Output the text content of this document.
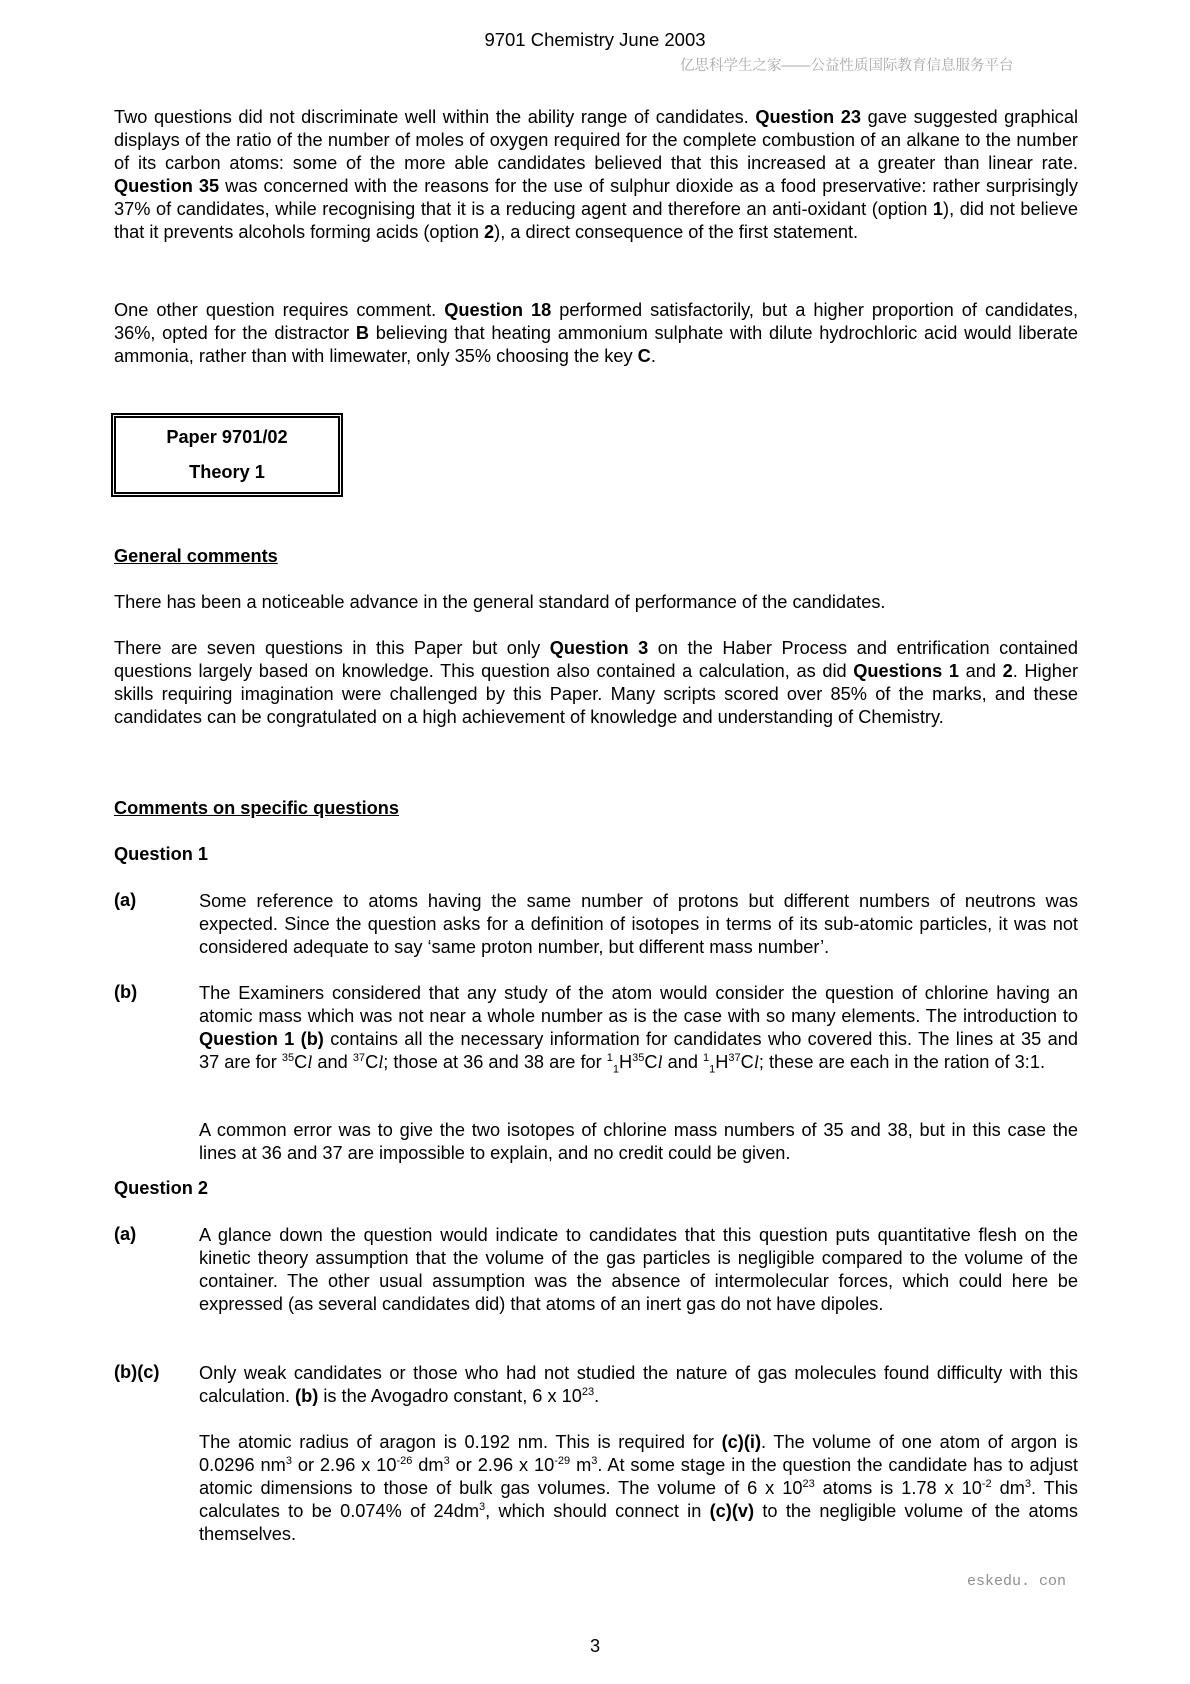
9701 Chemistry June 2003
亿思科学生之家——公益性质国际教育信息服务平台
Two questions did not discriminate well within the ability range of candidates. Question 23 gave suggested graphical displays of the ratio of the number of moles of oxygen required for the complete combustion of an alkane to the number of its carbon atoms: some of the more able candidates believed that this increased at a greater than linear rate. Question 35 was concerned with the reasons for the use of sulphur dioxide as a food preservative: rather surprisingly 37% of candidates, while recognising that it is a reducing agent and therefore an anti-oxidant (option 1), did not believe that it prevents alcohols forming acids (option 2), a direct consequence of the first statement.
One other question requires comment. Question 18 performed satisfactorily, but a higher proportion of candidates, 36%, opted for the distractor B believing that heating ammonium sulphate with dilute hydrochloric acid would liberate ammonia, rather than with limewater, only 35% choosing the key C.
Paper 9701/02
Theory 1
General comments
There has been a noticeable advance in the general standard of performance of the candidates.
There are seven questions in this Paper but only Question 3 on the Haber Process and entrification contained questions largely based on knowledge. This question also contained a calculation, as did Questions 1 and 2. Higher skills requiring imagination were challenged by this Paper. Many scripts scored over 85% of the marks, and these candidates can be congratulated on a high achievement of knowledge and understanding of Chemistry.
Comments on specific questions
Question 1
(a)	Some reference to atoms having the same number of protons but different numbers of neutrons was expected. Since the question asks for a definition of isotopes in terms of its sub-atomic particles, it was not considered adequate to say ‘same proton number, but different mass number’.
(b)	The Examiners considered that any study of the atom would consider the question of chlorine having an atomic mass which was not near a whole number as is the case with so many elements. The introduction to Question 1 (b) contains all the necessary information for candidates who covered this. The lines at 35 and 37 are for $^{35}$Cl and $^{37}$Cl; those at 36 and 38 are for $^1_1H^{35}Cl$ and $^1_1H^{37}Cl$; these are each in the ration of 3:1.
A common error was to give the two isotopes of chlorine mass numbers of 35 and 38, but in this case the lines at 36 and 37 are impossible to explain, and no credit could be given.
Question 2
(a)	A glance down the question would indicate to candidates that this question puts quantitative flesh on the kinetic theory assumption that the volume of the gas particles is negligible compared to the volume of the container. The other usual assumption was the absence of intermolecular forces, which could here be expressed (as several candidates did) that atoms of an inert gas do not have dipoles.
(b)(c) Only weak candidates or those who had not studied the nature of gas molecules found difficulty with this calculation. (b) is the Avogadro constant, 6 x $10^{23}$.
The atomic radius of aragon is 0.192 nm. This is required for (c)(i). The volume of one atom of argon is 0.0296 $nm^3$ or 2.96 x $10^{-26}$ $dm^3$ or 2.96 x $10^{-29}$ $m^3$. At some stage in the question the candidate has to adjust atomic dimensions to those of bulk gas volumes. The volume of 6 x $10^{23}$ atoms is 1.78 x $10^{-2}$ $dm^3$. This calculates to be 0.074% of $24dm^3$, which should connect in (c)(v) to the negligible volume of the atoms themselves.
eskedu. con
3
